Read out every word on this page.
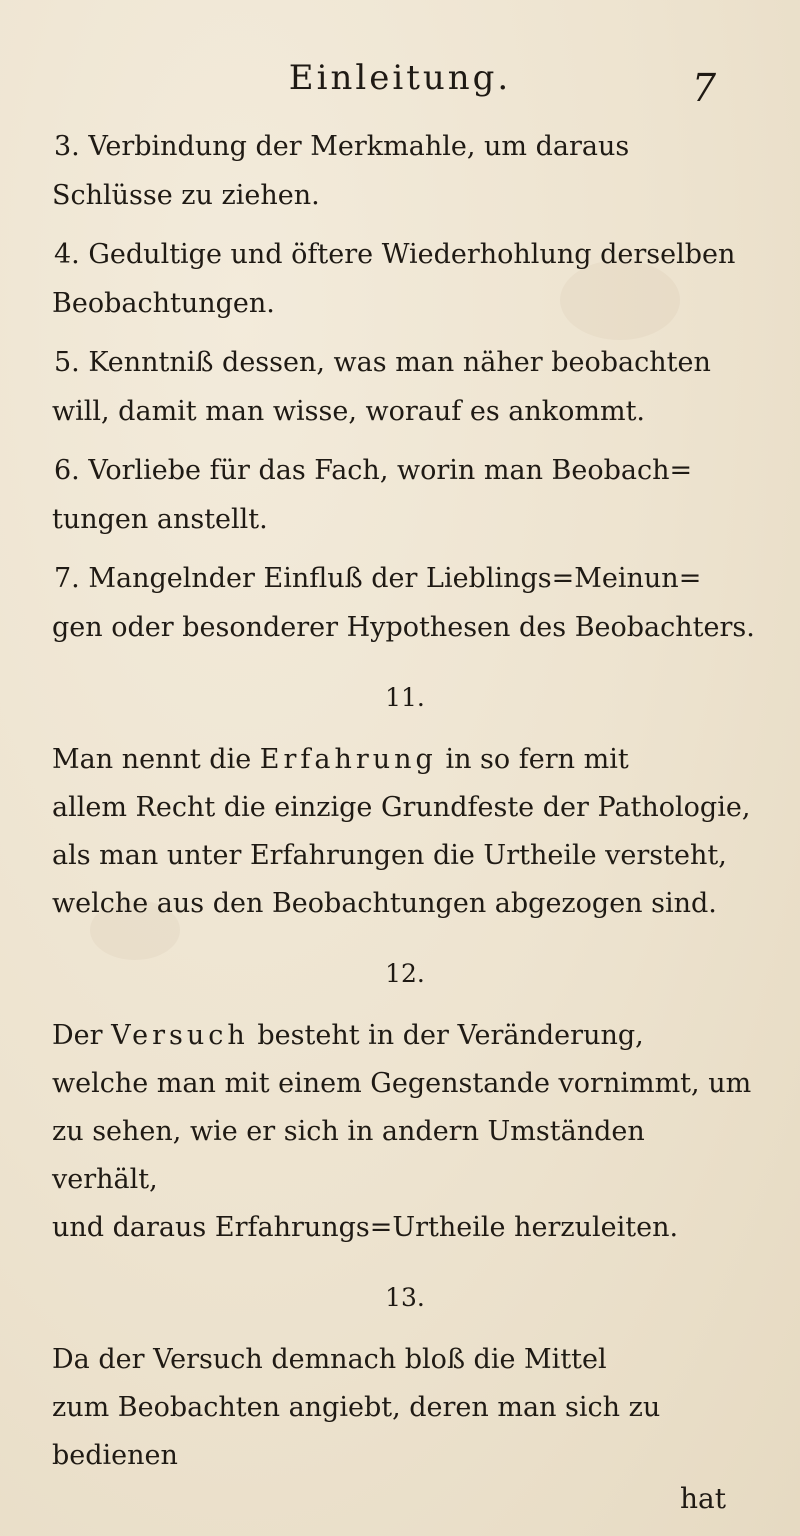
Einleitung.	7
3. Verbindung der Merkmahle, um daraus
Schlüsse zu ziehen.
4. Gedultige und öftere Wiederhohlung derselben
Beobachtungen.
5. Kenntniß dessen, was man näher beobachten
will, damit man wisse, worauf es ankommt.
6. Vorliebe für das Fach, worin man Beobach=
tungen anstellt.
7. Mangelnder Einfluß der Lieblings=Meinun=
gen oder besonderer Hypothesen des Beobachters.
11.
Man nennt die Erfahrung in so fern mit
allem Recht die einzige Grundfeste der Pathologie,
als man unter Erfahrungen die Urtheile versteht,
welche aus den Beobachtungen abgezogen sind.
12.
Der Versuch besteht in der Veränderung,
welche man mit einem Gegenstande vornimmt, um
zu sehen, wie er sich in andern Umständen verhält,
und daraus Erfahrungs=Urtheile herzuleiten.
13.
Da der Versuch demnach bloß die Mittel
zum Beobachten angiebt, deren man sich zu bedienen
hat
